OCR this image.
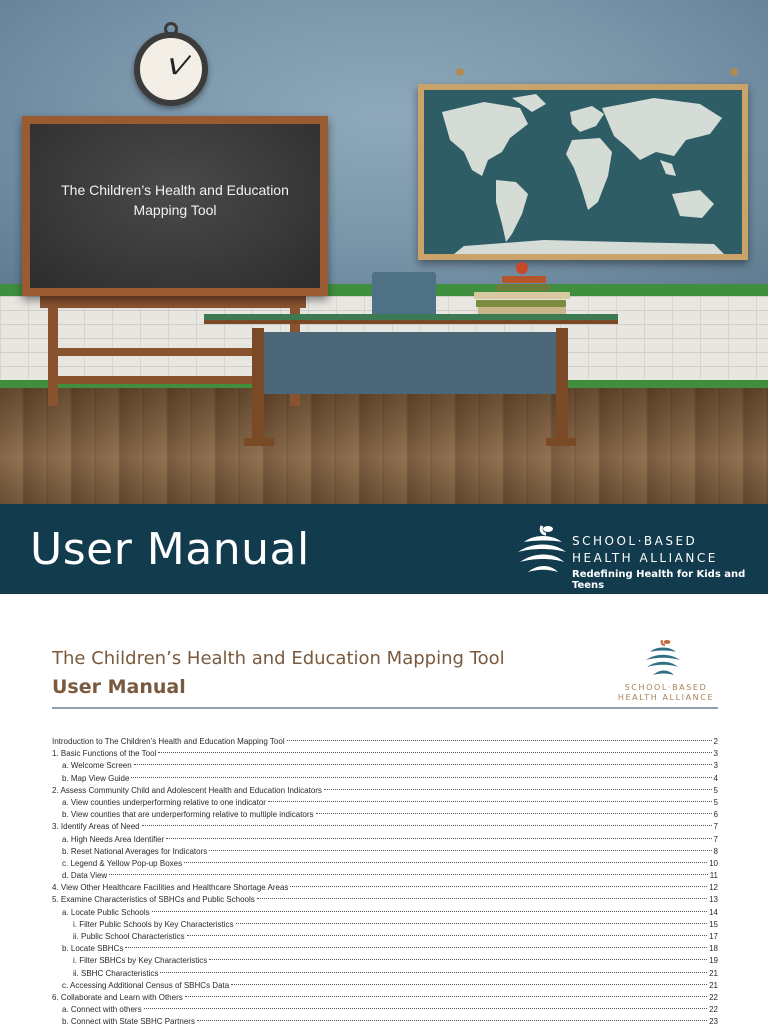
The Children’s Health and Education
Mapping Tool
User Manual	SCHOOL·BASED
HEALTH ALLIANCE
Redefining Health for Kids and Teens
The Children’s Health and Education Mapping Tool
User Manual	SCHOOL·BASED
HEALTH ALLIANCE
Introduction to The Children’s Health and Education Mapping Tool	2
1. Basic Functions of the Tool	3
a. Welcome Screen	3
b. Map View Guide	4
2. Assess Community Child and Adolescent Health and Education Indicators	5
a. View counties underperforming relative to one indicator	5
b. View counties that are underperforming relative to multiple indicators	6
3. Identify Areas of Need	7
a. High Needs Area Identifier	7
b. Reset National Averages for Indicators	8
c. Legend & Yellow Pop-up Boxes	10
d. Data View	11
4. View Other Healthcare Facilities and Healthcare Shortage Areas	12
5. Examine Characteristics of SBHCs and Public Schools	13
a. Locate Public Schools	14
i. Filter Public Schools by Key Characteristics	15
ii. Public School Characteristics	17
b. Locate SBHCs	18
i. Filter SBHCs by Key Characteristics	19
ii. SBHC Characteristics	21
c. Accessing Additional Census of SBHCs Data	21
6. Collaborate and Learn with Others	22
a. Connect with others	22
b. Connect with State SBHC Partners	23
